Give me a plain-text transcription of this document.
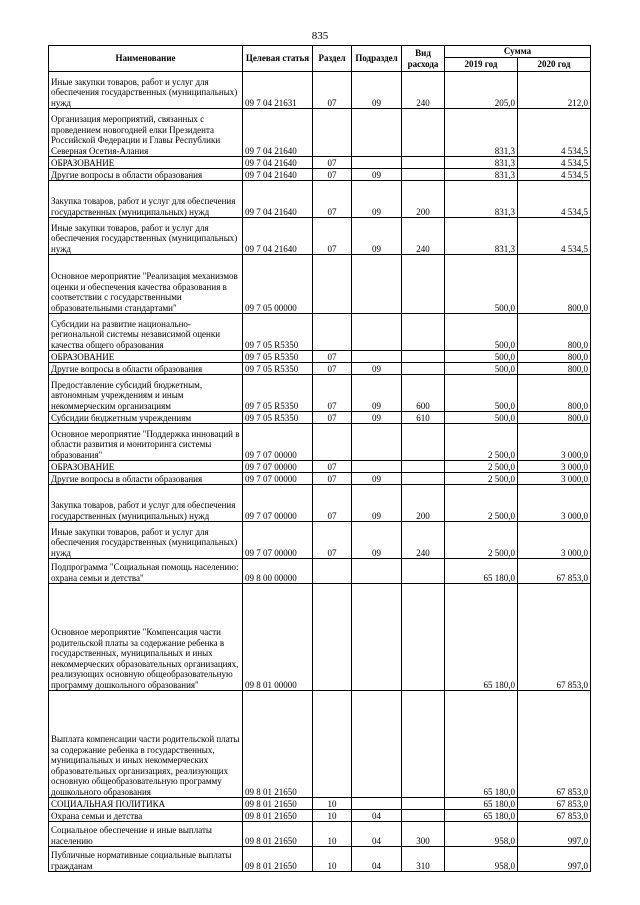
835
Наименование	Целевая статья	Раздел	Подраздел	Вид расхода	Сумма	
					2019 год	2020 год
Иные закупки товаров, работ и услуг для обеспечения государственных (муниципальных) нужд	09 7 04 21631	07	09	240	205,0	212,0
Организация мероприятий, связанных с проведением новогодней елки Президента Российской Федерации и Главы Республики Северная Осетия-Алания	09 7 04 21640				831,3	4 534,5
ОБРАЗОВАНИЕ	09 7 04 21640	07			831,3	4 534,5
Другие вопросы в области образования	09 7 04 21640	07	09		831,3	4 534,5
Закупка товаров, работ и услуг для обеспечения государственных (муниципальных) нужд	09 7 04 21640	07	09	200	831,3	4 534,5
Иные закупки товаров, работ и услуг для обеспечения государственных (муниципальных) нужд	09 7 04 21640	07	09	240	831,3	4 534,5
Основное мероприятие "Реализация механизмов оценки и обеспечения качества образования в соответствии с государственными образовательными стандартами"	09 7 05 00000				500,0	800,0
Субсидии на развитие национально-региональной системы независимой оценки качества общего образования	09 7 05 R5350				500,0	800,0
ОБРАЗОВАНИЕ	09 7 05 R5350	07			500,0	800,0
Другие вопросы в области образования	09 7 05 R5350	07	09		500,0	800,0
Предоставление субсидий бюджетным, автономным учреждениям и иным некоммерческим организациям	09 7 05 R5350	07	09	600	500,0	800,0
Субсидии бюджетным учреждениям	09 7 05 R5350	07	09	610	500,0	800,0
Основное мероприятие "Поддержка инноваций в области развития и мониторинга системы образования"	09 7 07 00000				2 500,0	3 000,0
ОБРАЗОВАНИЕ	09 7 07 00000	07			2 500,0	3 000,0
Другие вопросы в области образования	09 7 07 00000	07	09		2 500,0	3 000,0
Закупка товаров, работ и услуг для обеспечения государственных (муниципальных) нужд	09 7 07 00000	07	09	200	2 500,0	3 000,0
Иные закупки товаров, работ и услуг для обеспечения государственных (муниципальных) нужд	09 7 07 00000	07	09	240	2 500,0	3 000,0
Подпрограмма "Социальная помощь населению: охрана семьи и детства"	09 8 00 00000				65 180,0	67 853,0
Основное мероприятие "Компенсация части родительской платы за содержание ребенка в государственных, муниципальных и иных некоммерческих образовательных организациях, реализующих основную общеобразовательную программу дошкольного образования"	09 8 01 00000				65 180,0	67 853,0
Выплата компенсации части родительской платы за содержание ребенка в государственных, муниципальных и иных некоммерческих образовательных организациях, реализующих основную общеобразовательную программу дошкольного образования	09 8 01 21650				65 180,0	67 853,0
СОЦИАЛЬНАЯ ПОЛИТИКА	09 8 01 21650	10			65 180,0	67 853,0
Охрана семьи и детства	09 8 01 21650	10	04		65 180,0	67 853,0
Социальное обеспечение и иные выплаты населению	09 8 01 21650	10	04	300	958,0	997,0
Публичные нормативные социальные выплаты гражданам	09 8 01 21650	10	04	310	958,0	997,0
